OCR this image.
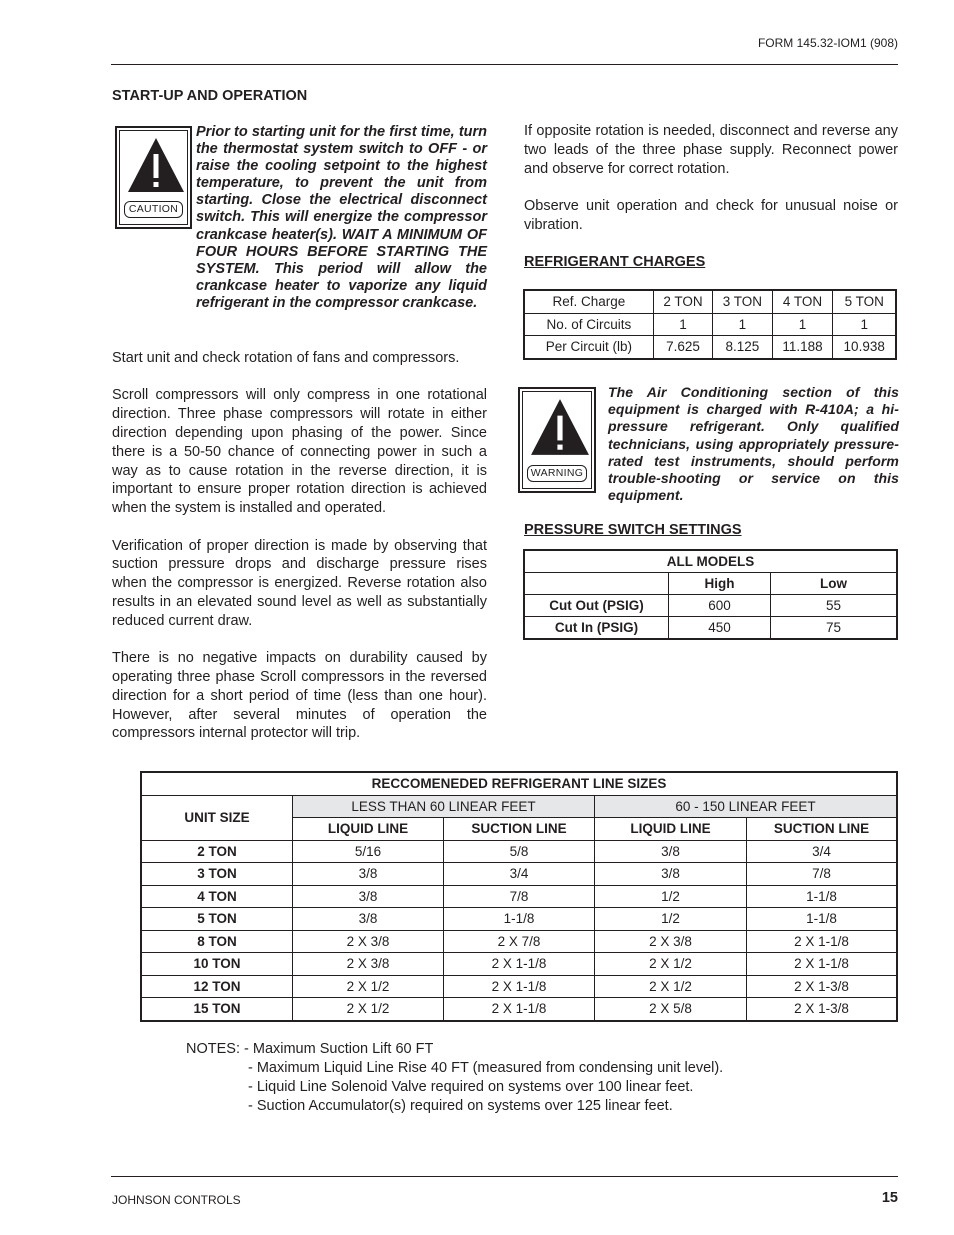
FORM 145.32-IOM1 (908)
START-UP AND OPERATION
CAUTION
Prior to starting unit for the first time, turn the thermostat system switch to OFF - or raise the cooling setpoint to the highest temperature, to prevent the unit from starting. Close the electrical disconnect switch. This will energize the compressor crankcase heater(s). WAIT A MINIMUM OF FOUR HOURS BEFORE STARTING THE SYSTEM. This period will allow the crankcase heater to vaporize any liquid refrigerant in the compressor crankcase.

Start unit and check rotation of fans and compressors.

Scroll compressors will only compress in one rotational direction. Three phase compressors will rotate in either direction depending upon phasing of the power. Since there is a 50-50 chance of connecting power in such a way as to cause rotation in the reverse direction, it is important to ensure proper rotation direction is achieved when the system is installed and operated.

Verification of proper direction is made by observing that suction pressure drops and discharge pressure rises when the compressor is energized. Reverse rotation also results in an elevated sound level as well as substantially reduced current draw.

There is no negative impacts on durability caused by operating three phase Scroll compressors in the reversed direction for a short period of time (less than one hour). However, after several minutes of operation the compressors internal protector will trip.

If opposite rotation is needed, disconnect and reverse any two leads of the three phase supply. Reconnect power and observe for correct rotation.

Observe unit operation and check for unusual noise or vibration.

REFRIGERANT CHARGES
Ref. Charge	2 TON	3 TON	4 TON	5 TON
No. of Circuits	1	1	1	1
Per Circuit (lb)	7.625	8.125	11.188	10.938
WARNING
The Air Conditioning section of this equipment is charged with R-410A; a hi-pressure refrigerant. Only qualified technicians, using appropriately pressure-rated test instruments, should perform trouble-shooting or service on this equipment.
PRESSURE SWITCH SETTINGS
ALL MODELS		
	High	Low
Cut Out (PSIG)	600	55
Cut In (PSIG)	450	75
RECCOMENEDED REFRIGERANT LINE SIZES				
UNIT SIZE	LESS THAN 60 LINEAR FEET		60 - 150 LINEAR FEET	
	LIQUID LINE	SUCTION LINE	LIQUID LINE	SUCTION LINE
2 TON	5/16	5/8	3/8	3/4
3 TON	3/8	3/4	3/8	7/8
4 TON	3/8	7/8	1/2	1-1/8
5 TON	3/8	1-1/8	1/2	1-1/8
8 TON	2 X 3/8	2 X 7/8	2 X 3/8	2 X 1-1/8
10 TON	2 X 3/8	2 X 1-1/8	2 X 1/2	2 X 1-1/8
12 TON	2 X 1/2	2 X 1-1/8	2 X 1/2	2 X 1-3/8
15 TON	2 X 1/2	2 X 1-1/8	2 X 5/8	2 X 1-3/8
NOTES: - Maximum Suction Lift 60 FT
- Maximum Liquid Line Rise 40 FT (measured from condensing unit level).
- Liquid Line Solenoid Valve required on systems over 100 linear feet.
- Suction Accumulator(s) required on systems over 125 linear feet.
JOHNSON CONTROLS	15
